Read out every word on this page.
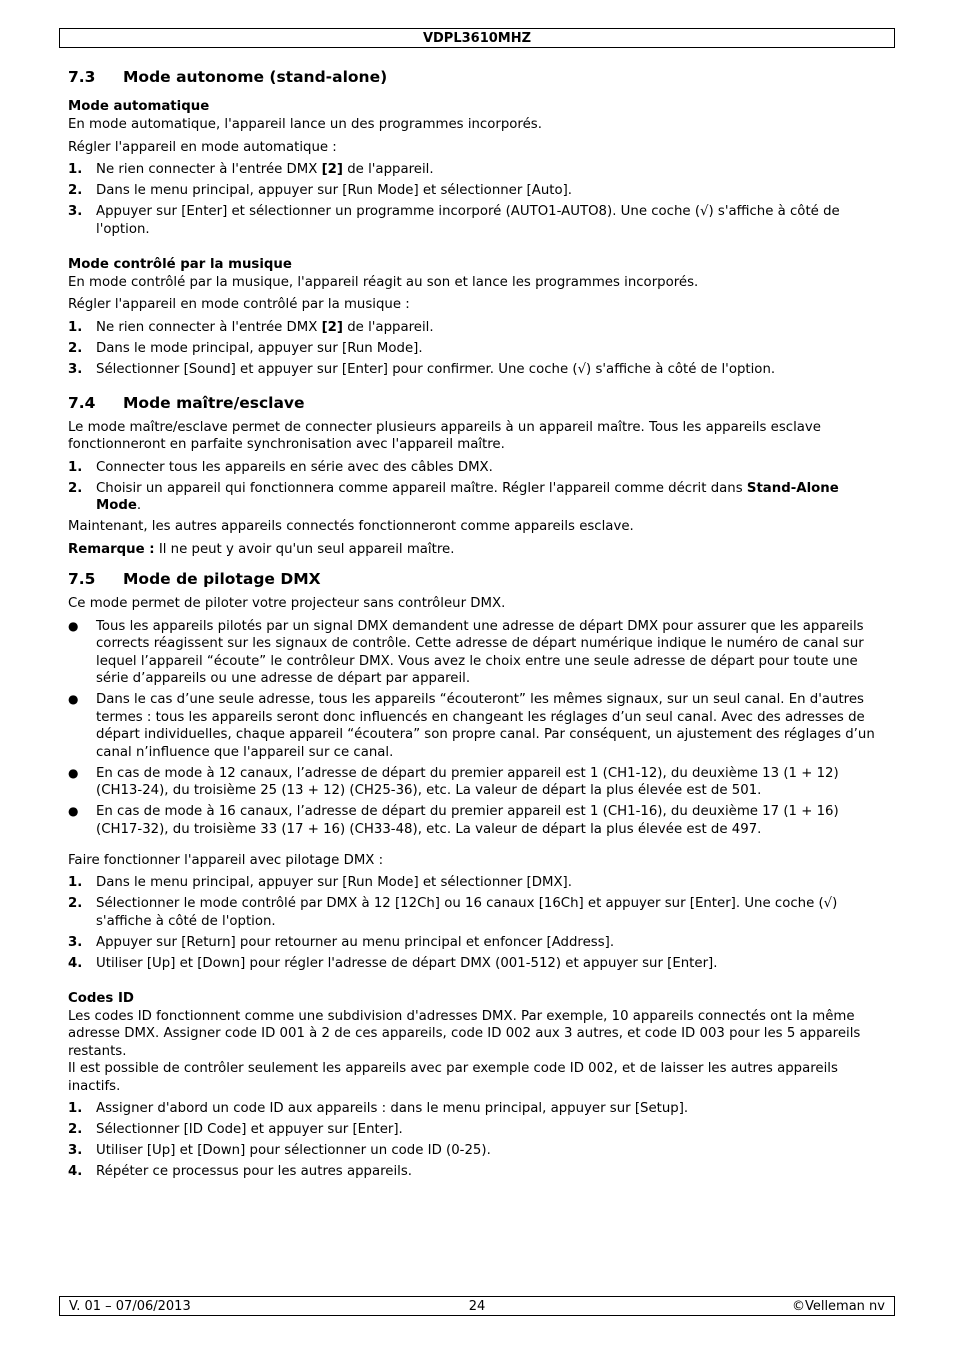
VDPL3610MHZ
7.3 Mode autonome (stand-alone)
Mode automatique

En mode automatique, l'appareil lance un des programmes incorporés.

Régler l'appareil en mode automatique :

1. Ne rien connecter à l'entrée DMX [2] de l'appareil.
2. Dans le menu principal, appuyer sur [Run Mode] et sélectionner [Auto].
3. Appuyer sur [Enter] et sélectionner un programme incorporé (AUTO1-AUTO8). Une coche (√) s'affiche à côté de l'option.
Mode contrôlé par la musique

En mode contrôlé par la musique, l'appareil réagit au son et lance les programmes incorporés.

Régler l'appareil en mode contrôlé par la musique :

1. Ne rien connecter à l'entrée DMX [2] de l'appareil.
2. Dans le mode principal, appuyer sur [Run Mode].
3. Sélectionner [Sound] et appuyer sur [Enter] pour confirmer. Une coche (√) s'affiche à côté de l'option.
7.4 Mode maître/esclave

Le mode maître/esclave permet de connecter plusieurs appareils à un appareil maître. Tous les appareils esclave fonctionneront en parfaite synchronisation avec l'appareil maître.

1. Connecter tous les appareils en série avec des câbles DMX.
2. Choisir un appareil qui fonctionnera comme appareil maître. Régler l'appareil comme décrit dans Stand-Alone Mode.

Maintenant, les autres appareils connectés fonctionneront comme appareils esclave.

Remarque : Il ne peut y avoir qu'un seul appareil maître.

7.5 Mode de pilotage DMX

Ce mode permet de piloter votre projecteur sans contrôleur DMX.

● Tous les appareils pilotés par un signal DMX demandent une adresse de départ DMX pour assurer que les appareils corrects réagissent sur les signaux de contrôle. Cette adresse de départ numérique indique le numéro de canal sur lequel l’appareil “écoute” le contrôleur DMX. Vous avez le choix entre une seule adresse de départ pour toute une série d’appareils ou une adresse de départ par appareil.
● Dans le cas d’une seule adresse, tous les appareils “écouteront” les mêmes signaux, sur un seul canal. En d'autres termes : tous les appareils seront donc influencés en changeant les réglages d’un seul canal. Avec des adresses de départ individuelles, chaque appareil “écoutera” son propre canal. Par conséquent, un ajustement des réglages d’un canal n’influence que l'appareil sur ce canal.
● En cas de mode à 12 canaux, l’adresse de départ du premier appareil est 1 (CH1-12), du deuxième 13 (1 + 12) (CH13-24), du troisième 25 (13 + 12) (CH25-36), etc. La valeur de départ la plus élevée est de 501.
● En cas de mode à 16 canaux, l’adresse de départ du premier appareil est 1 (CH1-16), du deuxième 17 (1 + 16) (CH17-32), du troisième 33 (17 + 16) (CH33-48), etc. La valeur de départ la plus élevée est de 497.

Faire fonctionner l'appareil avec pilotage DMX :

1. Dans le menu principal, appuyer sur [Run Mode] et sélectionner [DMX].
2. Sélectionner le mode contrôlé par DMX à 12 [12Ch] ou 16 canaux [16Ch] et appuyer sur [Enter]. Une coche (√) s'affiche à côté de l'option.
3. Appuyer sur [Return] pour retourner au menu principal et enfoncer [Address].
4. Utiliser [Up] et [Down] pour régler l'adresse de départ DMX (001-512) et appuyer sur [Enter].
Codes ID

Les codes ID fonctionnent comme une subdivision d'adresses DMX. Par exemple, 10 appareils connectés ont la même adresse DMX. Assigner code ID 001 à 2 de ces appareils, code ID 002 aux 3 autres, et code ID 003 pour les 5 appareils restants.

Il est possible de contrôler seulement les appareils avec par exemple code ID 002, et de laisser les autres appareils inactifs.

1. Assigner d'abord un code ID aux appareils : dans le menu principal, appuyer sur [Setup].
2. Sélectionner [ID Code] et appuyer sur [Enter].
3. Utiliser [Up] et [Down] pour sélectionner un code ID (0-25).
4. Répéter ce processus pour les autres appareils.
V. 01 – 07/06/2013	24	©Velleman nv
